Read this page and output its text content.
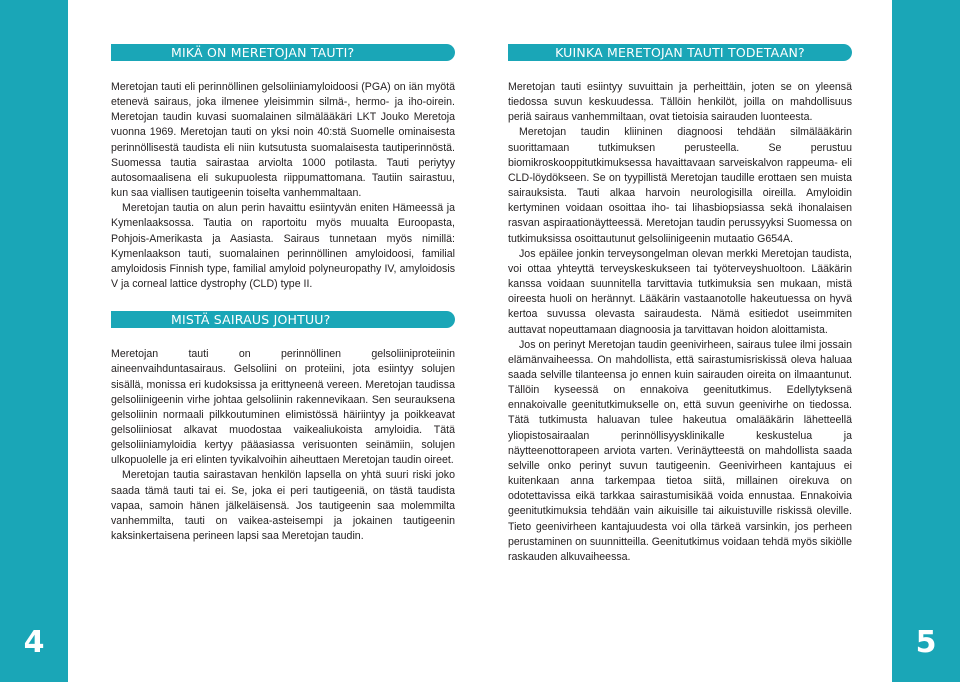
4	5
MIKÄ ON MERETOJAN TAUTI?

Meretojan tauti eli perinnöllinen gelsoliiniamyloidoosi (PGA) on iän myötä etenevä sairaus, joka ilmenee yleisimmin silmä-, hermo- ja iho-oirein. Meretojan taudin kuvasi suomalainen silmälääkäri LKT Jouko Meretoja vuonna 1969. Meretojan tauti on yksi noin 40:stä Suomelle ominaisesta perinnöllisestä taudista eli niin kutsutusta suomalaisesta tautiperinnöstä. Suomessa tautia sairastaa arviolta 1000 potilasta. Tauti periytyy autosomaalisena eli sukupuolesta riippumattomana. Tautiin sairastuu, kun saa viallisen tautigeenin toiselta vanhemmaltaan.

Meretojan tautia on alun perin havaittu esiintyvän eniten Hämeessä ja Kymenlaaksossa. Tautia on raportoitu myös muualta Euroopasta, Pohjois-Amerikasta ja Aasiasta. Sairaus tunnetaan myös nimillä: Kymenlaakson tauti, suomalainen perinnöllinen amyloidoosi, familial amyloidosis Finnish type, familial amyloid polyneuropathy IV, amyloidosis V ja corneal lattice dystrophy (CLD) type II.

MISTÄ SAIRAUS JOHTUU?

Meretojan tauti on perinnöllinen gelsoliiniproteiinin aineenvaihduntasairaus. Gelsoliini on proteiini, jota esiintyy solujen sisällä, monissa eri kudoksissa ja erittyneenä vereen. Meretojan taudissa gelsoliinigeenin virhe johtaa gelsoliinin rakennevikaan. Sen seurauksena gelsoliinin normaali pilkkoutuminen elimistössä häiriintyy ja poikkeavat gelsoliiniosat alkavat muodostaa vaikealiukoista amyloidia. Tätä gelsoliiniamyloidia kertyy pääasiassa verisuonten seinämiin, solujen ulkopuolelle ja eri elinten tyvikalvoihin aiheuttaen Meretojan taudin oireet.

Meretojan tautia sairastavan henkilön lapsella on yhtä suuri riski joko saada tämä tauti tai ei. Se, joka ei peri tautigeeniä, on tästä taudista vapaa, samoin hänen jälkeläisensä. Jos tautigeenin saa molemmilta vanhemmilta, tauti on vaikea-asteisempi ja jokainen tautigeenin kaksinkertaisena perineen lapsi saa Meretojan taudin.

KUINKA MERETOJAN TAUTI TODETAAN?

Meretojan tauti esiintyy suvuittain ja perheittäin, joten se on yleensä tiedossa suvun keskuudessa. Tällöin henkilöt, joilla on mahdollisuus periä sairaus vanhemmiltaan, ovat tietoisia sairauden luonteesta.

Meretojan taudin kliininen diagnoosi tehdään silmälääkärin suorittamaan tutkimuksen perusteella. Se perustuu biomikroskooppitutkimuksessa havaittavaan sarveiskalvon rappeuma- eli CLD-löydökseen. Se on tyypillistä Meretojan taudille erottaen sen muista sairauksista. Tauti alkaa harvoin neurologisilla oireilla. Amyloidin kertyminen voidaan osoittaa iho- tai lihasbiopsiassa sekä ihonalaisen rasvan aspiraationäytteessä. Meretojan taudin perussyyksi Suomessa on tutkimuksissa osoittautunut gelsoliinigeenin mutaatio G654A.

Jos epäilee jonkin terveysongelman olevan merkki Meretojan taudista, voi ottaa yhteyttä terveyskeskukseen tai työterveyshuoltoon. Lääkärin kanssa voidaan suunnitella tarvittavia tutkimuksia sen mukaan, mistä oireesta huoli on herännyt. Lääkärin vastaanotolle hakeutuessa on hyvä kertoa suvussa olevasta sairaudesta. Nämä esitiedot useimmiten auttavat nopeuttamaan diagnoosia ja tarvittavan hoidon aloittamista.

Jos on perinyt Meretojan taudin geenivirheen, sairaus tulee ilmi jossain elämänvaiheessa. On mahdollista, että sairastumisriskissä oleva haluaa saada selville tilanteensa jo ennen kuin sairauden oireita on ilmaantunut. Tällöin kyseessä on ennakoiva geenitutkimus. Edellytyksenä ennakoivalle geenitutkimukselle on, että suvun geenivirhe on tiedossa. Tätä tutkimusta haluavan tulee hakeutua omalääkärin lähetteellä yliopistosairaalan perinnöllisyysklinikalle keskustelua ja näytteenottorapeen arviota varten. Verinäytteestä on mahdollista saada selville onko perinyt suvun tautigeenin. Geenivirheen kantajuus ei kuitenkaan anna tarkempaa tietoa siitä, millainen oirekuva on odotettavissa eikä tarkkaa sairastumisikää voida ennustaa. Ennakoivia geenitutkimuksia tehdään vain aikuisille tai aikuistuville riskissä oleville. Tieto geenivirheen kantajuudesta voi olla tärkeä varsinkin, jos perheen perustaminen on suunnitteilla. Geenitutkimus voidaan tehdä myös sikiölle raskauden alkuvaiheessa.
